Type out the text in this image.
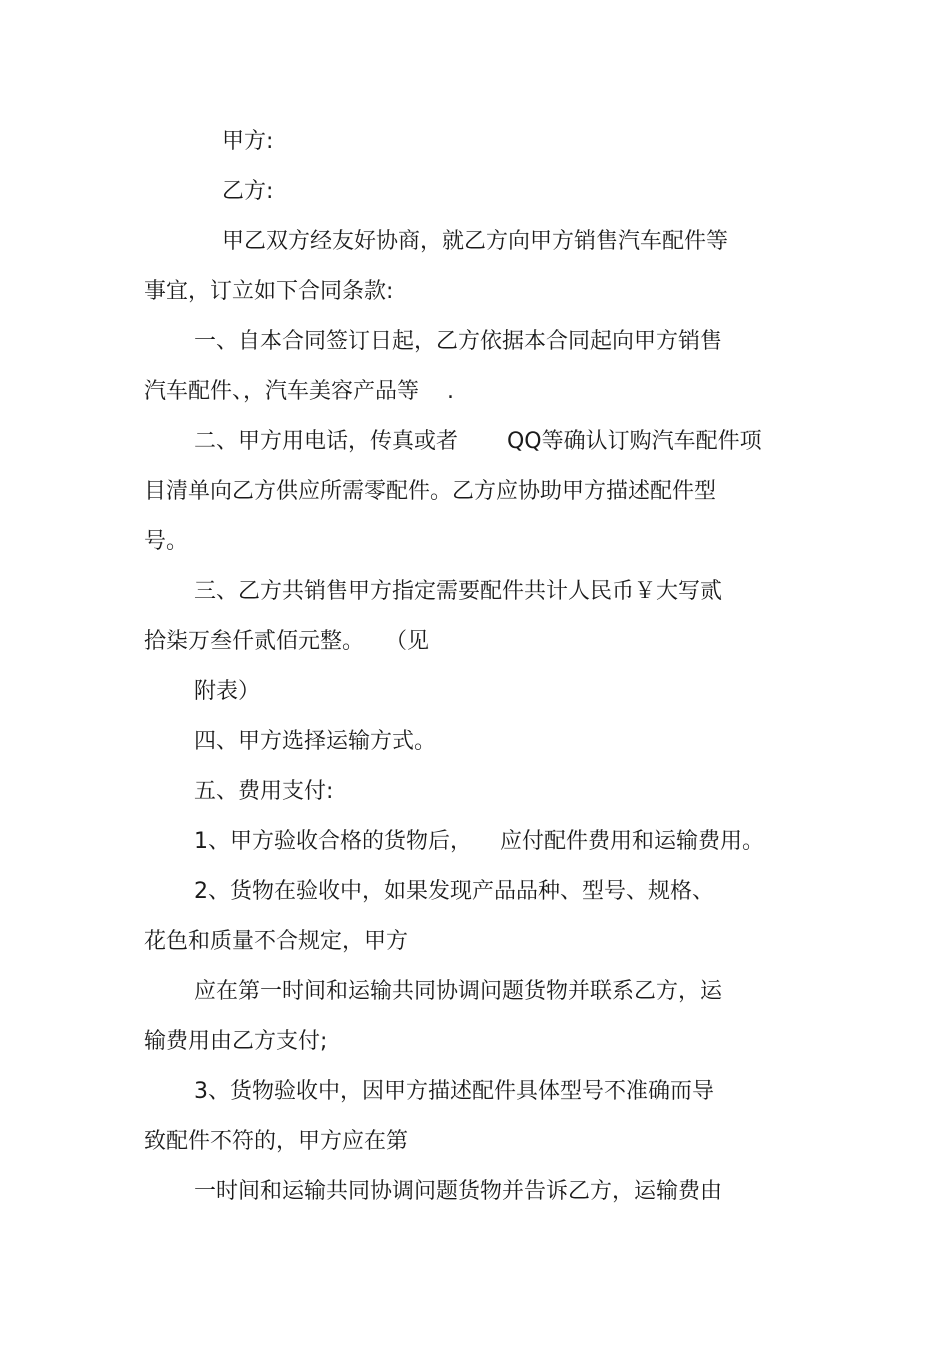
甲方:
乙方:
甲乙双方经友好协商，就乙方向甲方销售汽车配件等
事宜，订立如下合同条款:
一、自本合同签订日起，乙方依据本合同起向甲方销售
汽车配件、，汽车美容产品等    .
二、甲方用电话，传真或者       QQ等确认订购汽车配件项
目清单向乙方供应所需零配件。乙方应协助甲方描述配件型
号。
三、乙方共销售甲方指定需要配件共计人民币￥大写贰
拾柒万叁仟贰佰元整。   （见
附表）
四、甲方选择运输方式。
五、费用支付:
1、甲方验收合格的货物后，    应付配件费用和运输费用。
2、货物在验收中，如果发现产品品种、型号、规格、
花色和质量不合规定，甲方
应在第一时间和运输共同协调问题货物并联系乙方，运
输费用由乙方支付;
3、货物验收中，因甲方描述配件具体型号不准确而导
致配件不符的，甲方应在第
一时间和运输共同协调问题货物并告诉乙方，运输费由
